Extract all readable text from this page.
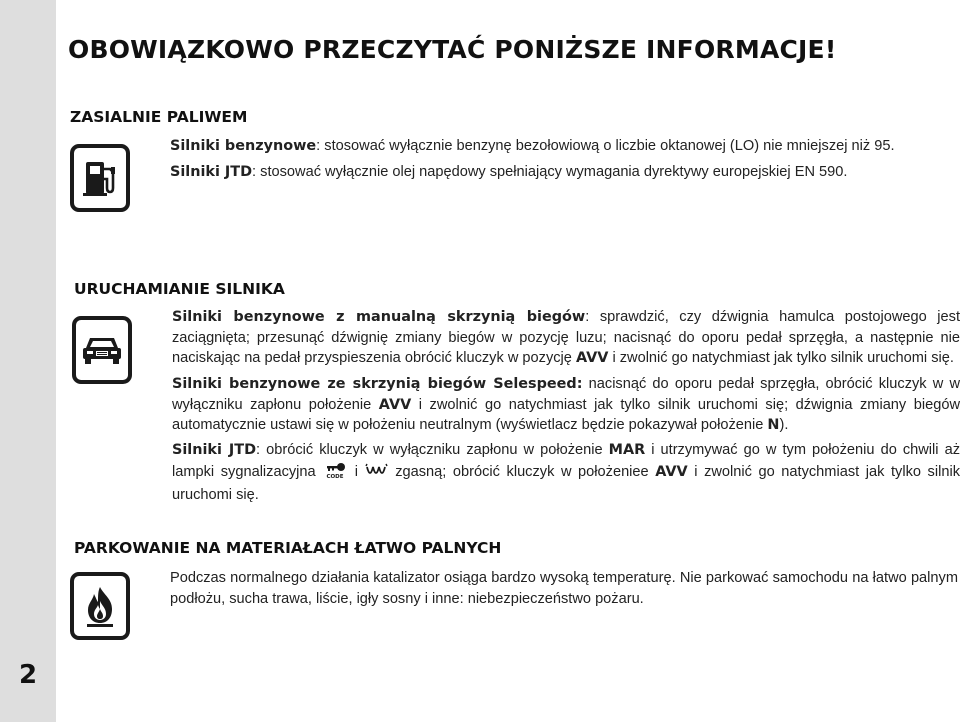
2
OBOWIĄZKOWO PRZECZYTAĆ PONIŻSZE INFORMACJE!
ZASIALNIE PALIWEM

Silniki benzynowe: stosować wyłącznie benzynę bezołowiową o liczbie oktanowej (LO) nie mniejszej niż 95.

Silniki JTD: stosować wyłącznie olej napędowy spełniający wymagania dyrektywy europejskiej EN 590.

URUCHAMIANIE SILNIKA

Silniki benzynowe z manualną skrzynią biegów: sprawdzić, czy dźwignia hamulca postojowego jest zaciągnięta; przesunąć dźwignię zmiany biegów w pozycję luzu; nacisnąć do oporu pedał sprzęgła, a następnie nie naciskając na pedał przyspieszenia obrócić kluczyk w pozycję AVV i zwolnić go natychmiast jak tylko silnik uruchomi się.

Silniki benzynowe ze skrzynią biegów Selespeed: nacisnąć do oporu pedał sprzęgła, obrócić kluczyk w w wyłączniku zapłonu położenie AVV i zwolnić go natychmiast jak tylko silnik uruchomi się; dźwignia zmiany biegów automatycznie ustawi się w położeniu neutralnym (wyświetlacz będzie pokazywał położenie N).

Silniki JTD: obrócić kluczyk w wyłączniku zapłonu w położenie MAR i utrzymywać go w tym położeniu do chwili aż lampki sygnalizacyjna CODE i  zgasną; obrócić kluczyk w położeniee AVV i zwolnić go natychmiast jak tylko silnik uruchomi się.

PARKOWANIE NA MATERIAŁACH ŁATWO PALNYCH

Podczas normalnego działania katalizator osiąga bardzo wysoką temperaturę. Nie parkować samochodu na łatwo palnym podłożu, sucha trawa, liście, igły sosny i inne: niebezpieczeństwo pożaru.
